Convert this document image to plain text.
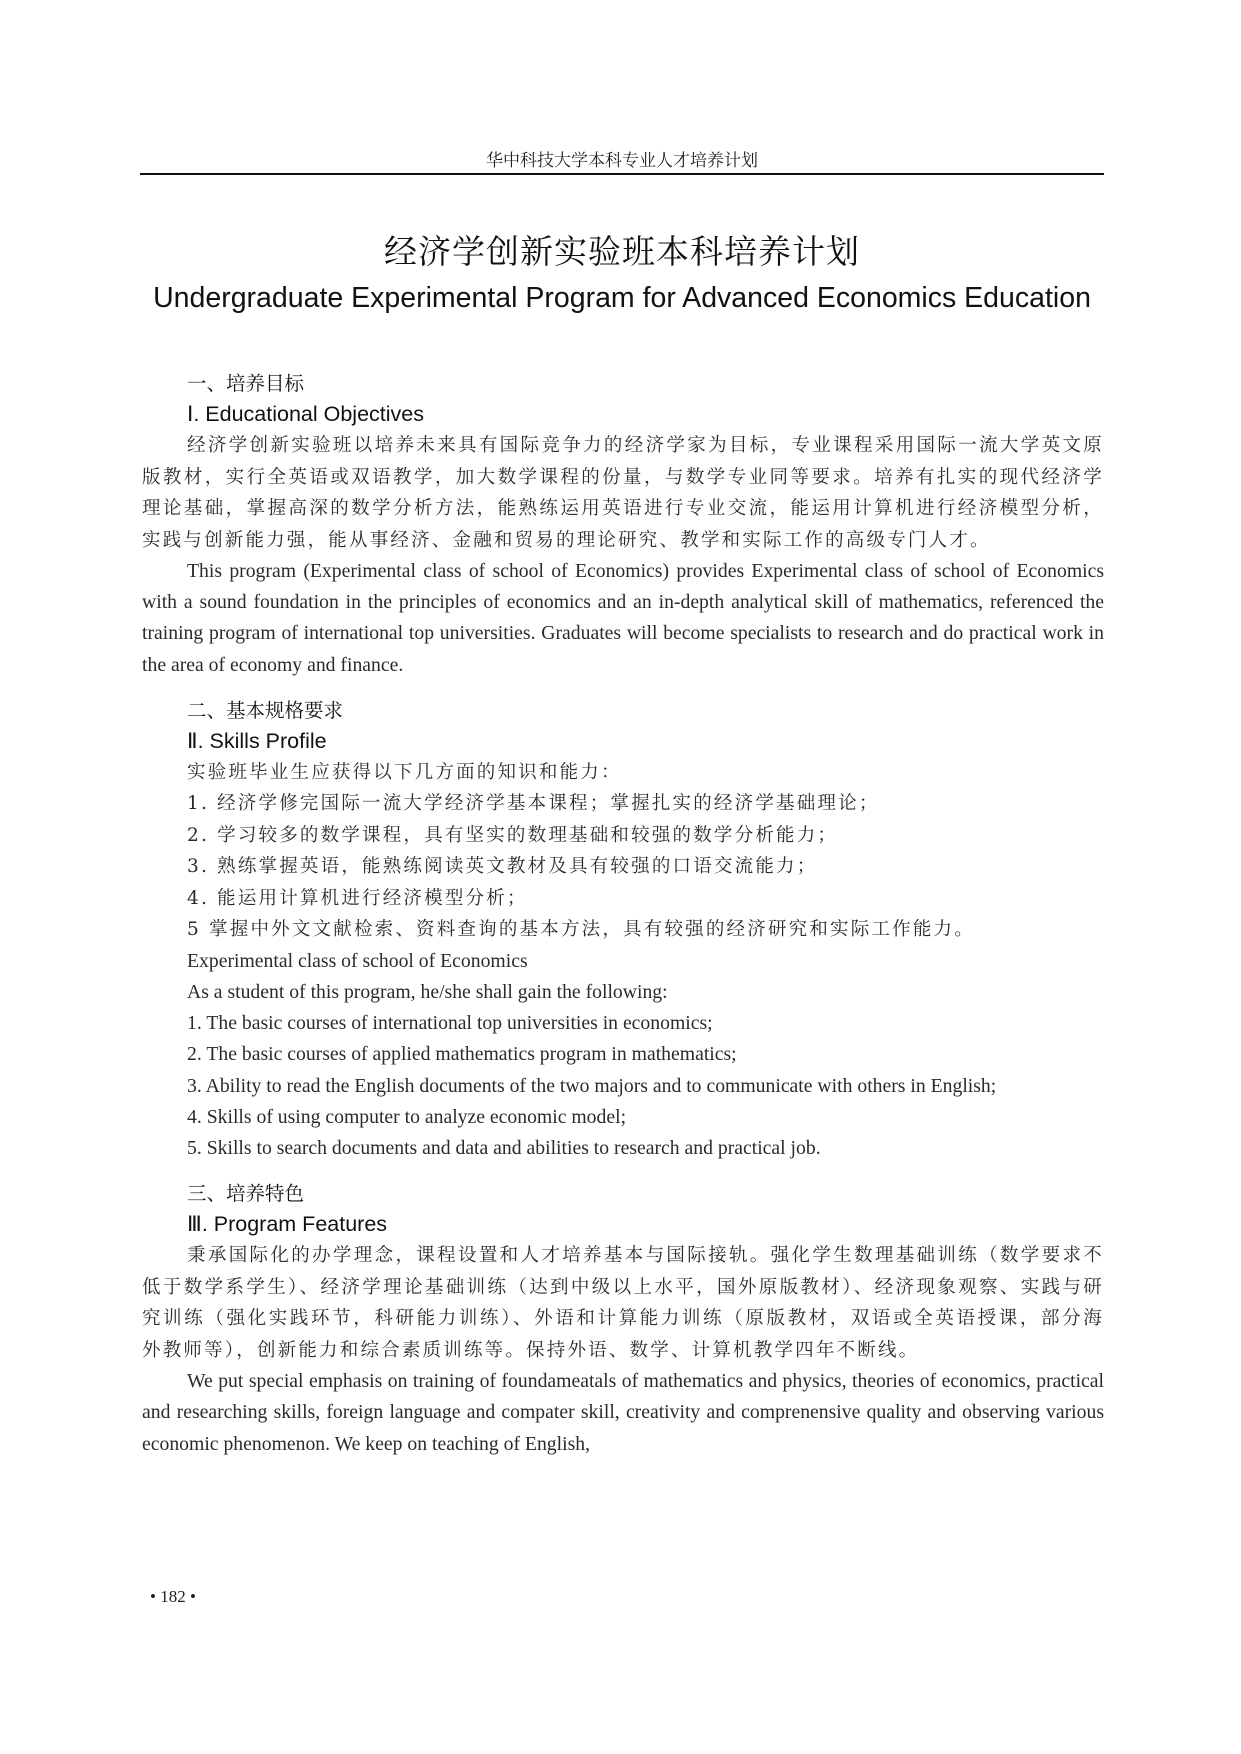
华中科技大学本科专业人才培养计划
经济学创新实验班本科培养计划
Undergraduate Experimental Program for Advanced Economics Education
一、培养目标
Ⅰ. Educational Objectives

经济学创新实验班以培养未来具有国际竞争力的经济学家为目标，专业课程采用国际一流大学英文原版教材，实行全英语或双语教学，加大数学课程的份量，与数学专业同等要求。培养有扎实的现代经济学理论基础，掌握高深的数学分析方法，能熟练运用英语进行专业交流，能运用计算机进行经济模型分析，实践与创新能力强，能从事经济、金融和贸易的理论研究、教学和实际工作的高级专门人才。

This program (Experimental class of school of Economics) provides Experimental class of school of Economics with a sound foundation in the principles of economics and an in-depth analytical skill of mathematics, referenced the training program of international top universities. Graduates will become specialists to research and do practical work in the area of economy and finance.

二、基本规格要求
Ⅱ. Skills Profile
实验班毕业生应获得以下几方面的知识和能力：
1. 经济学修完国际一流大学经济学基本课程；掌握扎实的经济学基础理论；
2. 学习较多的数学课程，具有坚实的数理基础和较强的数学分析能力；
3. 熟练掌握英语，能熟练阅读英文教材及具有较强的口语交流能力；
4. 能运用计算机进行经济模型分析；
5 掌握中外文文献检索、资料查询的基本方法，具有较强的经济研究和实际工作能力。
Experimental class of school of Economics
As a student of this program, he/she shall gain the following:
1. The basic courses of international top universities in economics;
2. The basic courses of applied mathematics program in mathematics;

3. Ability to read the English documents of the two majors and to communicate with others in English;

4. Skills of using computer to analyze economic model;
5. Skills to search documents and data and abilities to research and practical job.
三、培养特色
Ⅲ. Program Features

秉承国际化的办学理念，课程设置和人才培养基本与国际接轨。强化学生数理基础训练（数学要求不低于数学系学生）、经济学理论基础训练（达到中级以上水平，国外原版教材）、经济现象观察、实践与研究训练（强化实践环节，科研能力训练）、外语和计算能力训练（原版教材，双语或全英语授课，部分海外教师等），创新能力和综合素质训练等。保持外语、数学、计算机教学四年不断线。

We put special emphasis on training of foundameatals of mathematics and physics, theories of economics, practical and researching skills, foreign language and compater skill, creativity and comprenensive quality and observing various economic phenomenon. We keep on teaching of English,

• 182 •
